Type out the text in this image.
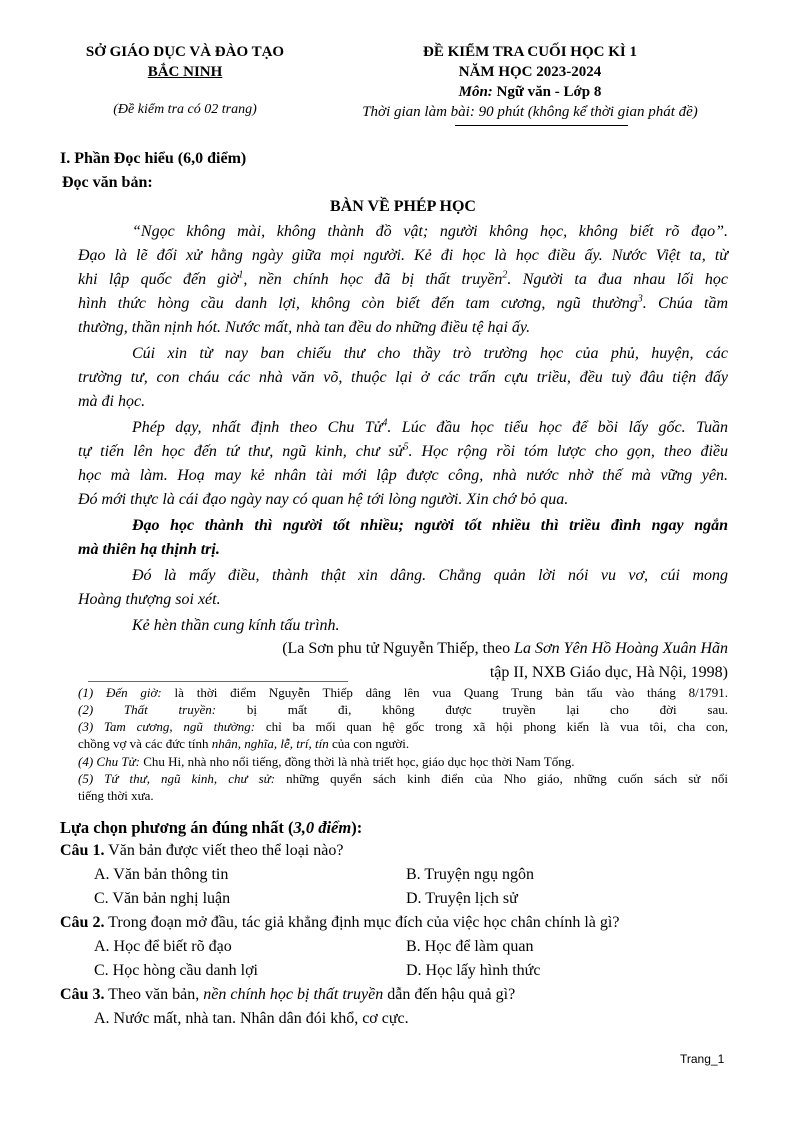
SỞ GIÁO DỤC VÀ ĐÀO TẠO
BẮC NINH
(Đề kiểm tra có 02 trang)
ĐỀ KIỂM TRA CUỐI HỌC KÌ 1
NĂM HỌC 2023-2024
Môn: Ngữ văn - Lớp 8
Thời gian làm bài: 90 phút (không kể thời gian phát đề)
I. Phần Đọc hiểu (6,0 điểm)
Đọc văn bản:
BÀN VỀ PHÉP HỌC
“Ngọc không mài, không thành đồ vật; người không học, không biết rõ đạo”.
Đạo là lẽ đối xử hằng ngày giữa mọi người. Kẻ đi học là học điều ấy. Nước Việt ta, từ
khi lập quốc đến giờ$^1$, nền chính học đã bị thất truyền$^2$. Người ta đua nhau lối học
hình thức hòng cầu danh lợi, không còn biết đến tam cương, ngũ thường$^3$. Chúa tầm
thường, thần nịnh hót. Nước mất, nhà tan đều do những điều tệ hại ấy.
Cúi xin từ nay ban chiếu thư cho thầy trò trường học của phủ, huyện, các
trường tư, con cháu các nhà văn võ, thuộc lại ở các trấn cựu triều, đều tuỳ đâu tiện đấy
mà đi học.
Phép dạy, nhất định theo Chu Tử$^4$. Lúc đầu học tiểu học để bồi lấy gốc. Tuần
tự tiến lên học đến tứ thư, ngũ kinh, chư sử$^5$. Học rộng rồi tóm lược cho gọn, theo điều
học mà làm. Hoạ may kẻ nhân tài mới lập được công, nhà nước nhờ thế mà vững yên.
Đó mới thực là cái đạo ngày nay có quan hệ tới lòng người. Xin chớ bỏ qua.
Đạo học thành thì người tốt nhiều; người tốt nhiều thì triều đình ngay ngắn
mà thiên hạ thịnh trị.
Đó là mấy điều, thành thật xin dâng. Chẳng quản lời nói vu vơ, cúi mong
Hoàng thượng soi xét.
Kẻ hèn thần cung kính tấu trình.
(La Sơn phu tử Nguyễn Thiếp, theo La Sơn Yên Hồ Hoàng Xuân Hãn
tập II, NXB Giáo dục, Hà Nội, 1998)
(1) Đến giờ: là thời điểm Nguyễn Thiếp dâng lên vua Quang Trung bản tấu vào tháng 8/1791.
(2) Thất truyền: bị mất đi, không được truyền lại cho đời sau.
(3) Tam cương, ngũ thường: chỉ ba mối quan hệ gốc trong xã hội phong kiến là vua tôi, cha con,
chồng vợ và các đức tính nhân, nghĩa, lễ, trí, tín của con người.
(4) Chu Tử: Chu Hi, nhà nho nổi tiếng, đồng thời là nhà triết học, giáo dục học thời Nam Tống.
(5) Tứ thư, ngũ kinh, chư sử: những quyển sách kinh điển của Nho giáo, những cuốn sách sử nổi
tiếng thời xưa.
Lựa chọn phương án đúng nhất (3,0 điểm):
Câu 1. Văn bản được viết theo thể loại nào?
A. Văn bản thông tin	B. Truyện ngụ ngôn
C. Văn bản nghị luận	D. Truyện lịch sử
Câu 2. Trong đoạn mở đầu, tác giả khẳng định mục đích của việc học chân chính là gì?
A. Học để biết rõ đạo	B. Học để làm quan
C. Học hòng cầu danh lợi	D. Học lấy hình thức
Câu 3. Theo văn bản, nền chính học bị thất truyền dẫn đến hậu quả gì?
A. Nước mất, nhà tan. Nhân dân đói khổ, cơ cực.
Trang_1
